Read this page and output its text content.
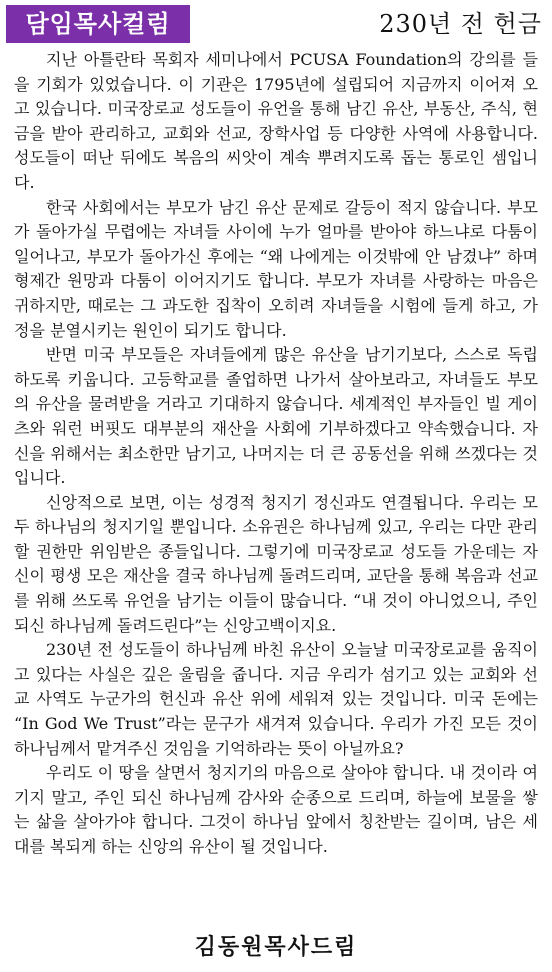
담임목사컬럼	230년 전 헌금

지난 아틀란타 목회자 세미나에서 PCUSA Foundation의 강의를 들을 기회가 있었습니다. 이 기관은 1795년에 설립되어 지금까지 이어져 오고 있습니다. 미국장로교 성도들이 유언을 통해 남긴 유산, 부동산, 주식, 현금을 받아 관리하고, 교회와 선교, 장학사업 등 다양한 사역에 사용합니다. 성도들이 떠난 뒤에도 복음의 씨앗이 계속 뿌려지도록 돕는 통로인 셈입니다.

한국 사회에서는 부모가 남긴 유산 문제로 갈등이 적지 않습니다. 부모가 돌아가실 무렵에는 자녀들 사이에 누가 얼마를 받아야 하느냐로 다툼이 일어나고, 부모가 돌아가신 후에는 “왜 나에게는 이것밖에 안 남겼냐” 하며 형제간 원망과 다툼이 이어지기도 합니다. 부모가 자녀를 사랑하는 마음은 귀하지만, 때로는 그 과도한 집착이 오히려 자녀들을 시험에 들게 하고, 가정을 분열시키는 원인이 되기도 합니다.

반면 미국 부모들은 자녀들에게 많은 유산을 남기기보다, 스스로 독립하도록 키웁니다. 고등학교를 졸업하면 나가서 살아보라고, 자녀들도 부모의 유산을 물려받을 거라고 기대하지 않습니다. 세계적인 부자들인 빌 게이츠와 워런 버핏도 대부분의 재산을 사회에 기부하겠다고 약속했습니다. 자신을 위해서는 최소한만 남기고, 나머지는 더 큰 공동선을 위해 쓰겠다는 것입니다.

신앙적으로 보면, 이는 성경적 청지기 정신과도 연결됩니다. 우리는 모두 하나님의 청지기일 뿐입니다. 소유권은 하나님께 있고, 우리는 다만 관리할 권한만 위임받은 종들입니다. 그렇기에 미국장로교 성도들 가운데는 자신이 평생 모은 재산을 결국 하나님께 돌려드리며, 교단을 통해 복음과 선교를 위해 쓰도록 유언을 남기는 이들이 많습니다. “내 것이 아니었으니, 주인 되신 하나님께 돌려드린다”는 신앙고백이지요.

230년 전 성도들이 하나님께 바친 유산이 오늘날 미국장로교를 움직이고 있다는 사실은 깊은 울림을 줍니다. 지금 우리가 섬기고 있는 교회와 선교 사역도 누군가의 헌신과 유산 위에 세워져 있는 것입니다. 미국 돈에는 “In God We Trust”라는 문구가 새겨져 있습니다. 우리가 가진 모든 것이 하나님께서 맡겨주신 것임을 기억하라는 뜻이 아닐까요?

우리도 이 땅을 살면서 청지기의 마음으로 살아야 합니다. 내 것이라 여기지 말고, 주인 되신 하나님께 감사와 순종으로 드리며, 하늘에 보물을 쌓는 삶을 살아가야 합니다. 그것이 하나님 앞에서 칭찬받는 길이며, 남은 세대를 복되게 하는 신앙의 유산이 될 것입니다.

김동원목사드림
